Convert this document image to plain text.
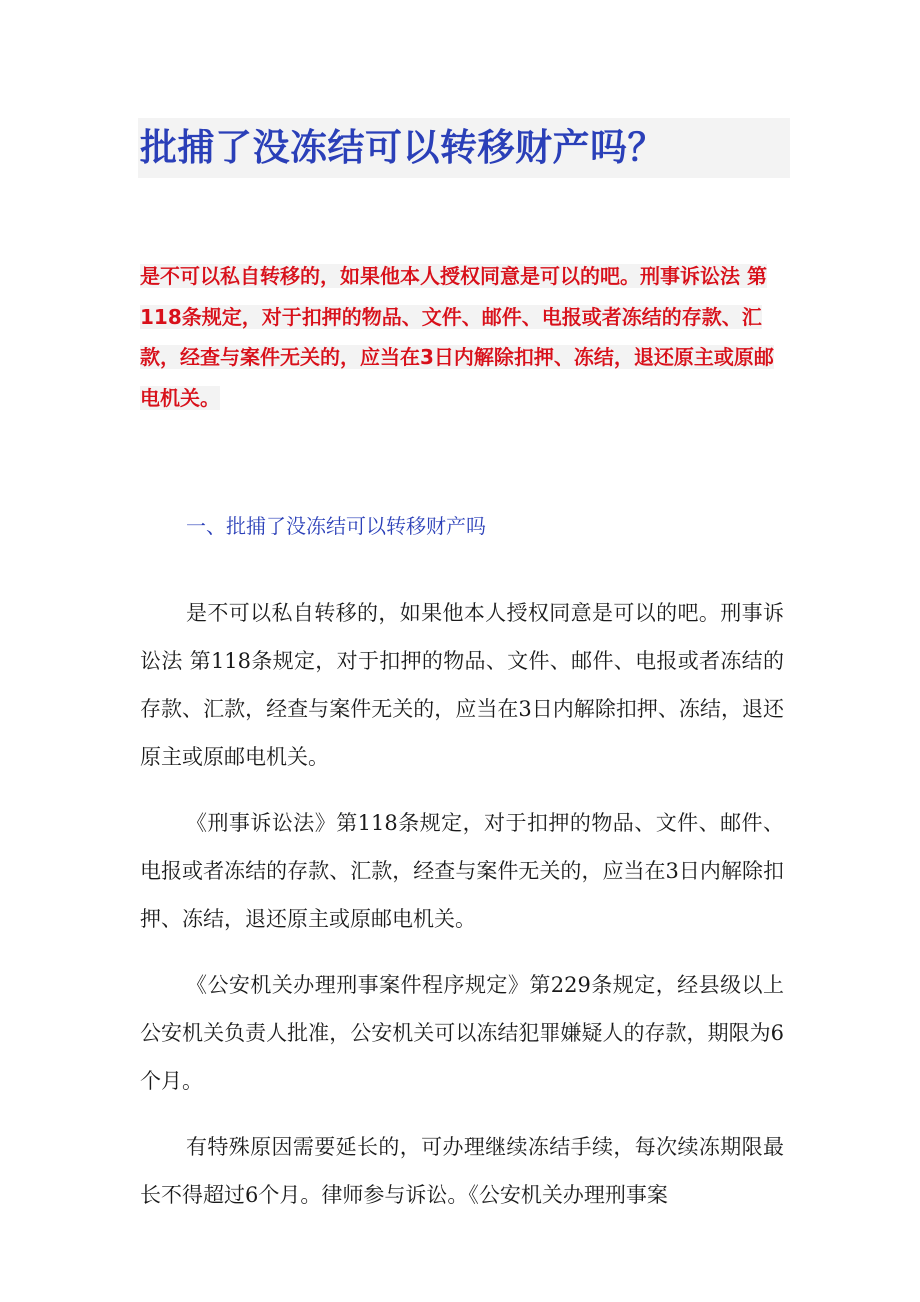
批捕了没冻结可以转移财产吗？
是不可以私自转移的，如果他本人授权同意是可以的吧。刑事诉讼法 第118条规定，对于扣押的物品、文件、邮件、电报或者冻结的存款、汇款，经查与案件无关的，应当在3日内解除扣押、冻结，退还原主或原邮电机关。
一、批捕了没冻结可以转移财产吗

是不可以私自转移的，如果他本人授权同意是可以的吧。刑事诉讼法 第118条规定，对于扣押的物品、文件、邮件、电报或者冻结的存款、汇款，经查与案件无关的，应当在3日内解除扣押、冻结，退还原主或原邮电机关。

《刑事诉讼法》第118条规定，对于扣押的物品、文件、邮件、电报或者冻结的存款、汇款，经查与案件无关的，应当在3日内解除扣押、冻结，退还原主或原邮电机关。

《公安机关办理刑事案件程序规定》第229条规定，经县级以上公安机关负责人批准，公安机关可以冻结犯罪嫌疑人的存款，期限为6个月。

有特殊原因需要延长的，可办理继续冻结手续，每次续冻期限最长不得超过6个月。律师参与诉讼。《公安机关办理刑事案
